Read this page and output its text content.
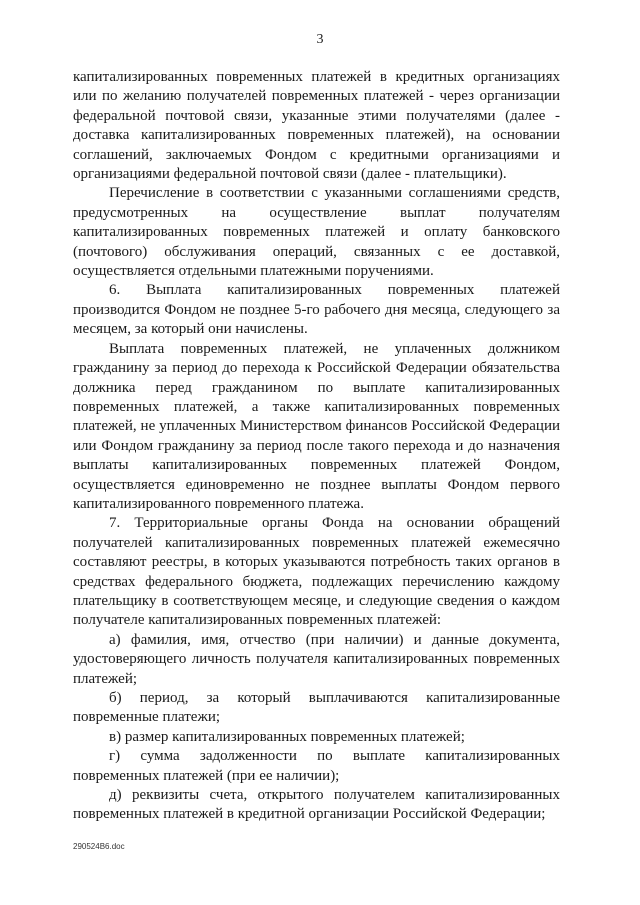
3

капитализированных повременных платежей в кредитных организациях или по желанию получателей повременных платежей - через организации федеральной почтовой связи, указанные этими получателями (далее - доставка капитализированных повременных платежей), на основании соглашений, заключаемых Фондом с кредитными организациями и организациями федеральной почтовой связи (далее - плательщики).

Перечисление в соответствии с указанными соглашениями средств, предусмотренных на осуществление выплат получателям капитализированных повременных платежей и оплату банковского (почтового) обслуживания операций, связанных с ее доставкой, осуществляется отдельными платежными поручениями.

6. Выплата капитализированных повременных платежей производится Фондом не позднее 5-го рабочего дня месяца, следующего за месяцем, за который они начислены.

Выплата повременных платежей, не уплаченных должником гражданину за период до перехода к Российской Федерации обязательства должника перед гражданином по выплате капитализированных повременных платежей, а также капитализированных повременных платежей, не уплаченных Министерством финансов Российской Федерации или Фондом гражданину за период после такого перехода и до назначения выплаты капитализированных повременных платежей Фондом, осуществляется единовременно не позднее выплаты Фондом первого капитализированного повременного платежа.

7. Территориальные органы Фонда на основании обращений получателей капитализированных повременных платежей ежемесячно составляют реестры, в которых указываются потребность таких органов в средствах федерального бюджета, подлежащих перечислению каждому плательщику в соответствующем месяце, и следующие сведения о каждом получателе капитализированных повременных платежей:

а) фамилия, имя, отчество (при наличии) и данные документа, удостоверяющего личность получателя капитализированных повременных платежей;

б) период, за который выплачиваются капитализированные повременные платежи;

в) размер капитализированных повременных платежей;

г) сумма задолженности по выплате капитализированных повременных платежей (при ее наличии);

д) реквизиты счета, открытого получателем капитализированных повременных платежей в кредитной организации Российской Федерации;

290524B6.doc
